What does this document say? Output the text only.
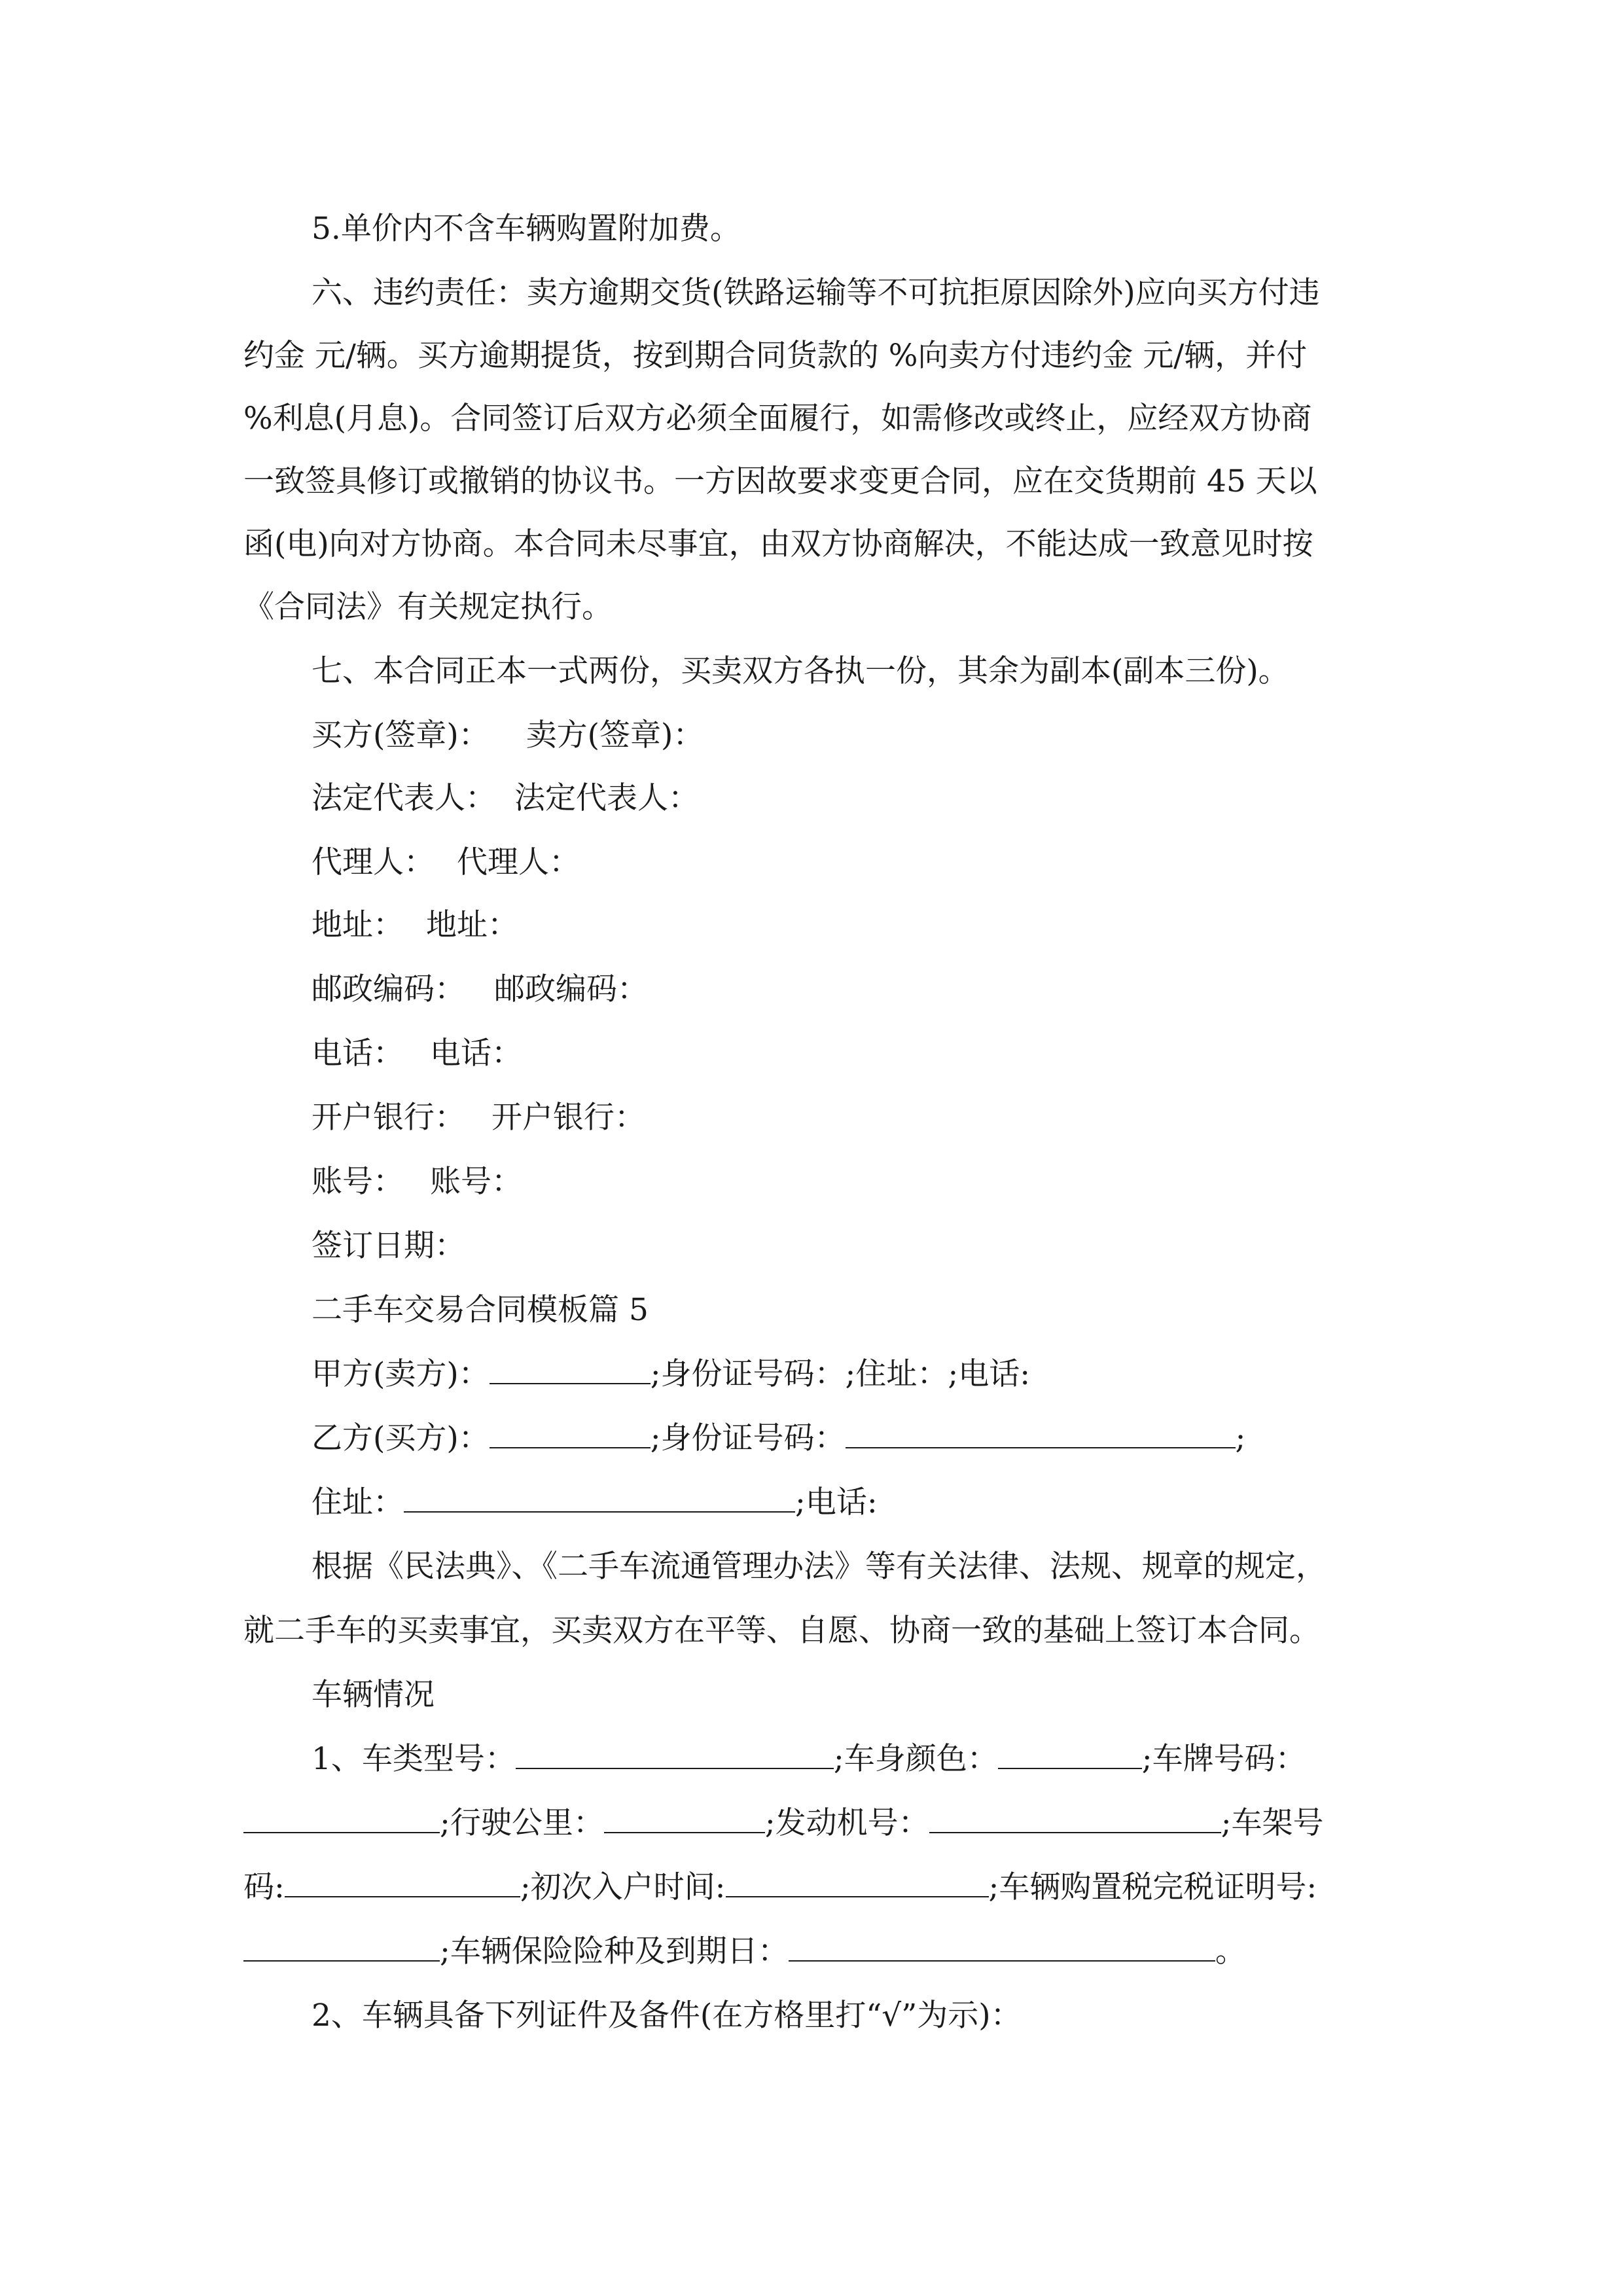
5.单价内不含车辆购置附加费。
六、违约责任：卖方逾期交货(铁路运输等不可抗拒原因除外)应向买方付违
约金 元/辆。买方逾期提货，按到期合同货款的 %向卖方付违约金 元/辆，并付
%利息(月息)。合同签订后双方必须全面履行，如需修改或终止，应经双方协商
一致签具修订或撤销的协议书。一方因故要求变更合同，应在交货期前 45 天以
函(电)向对方协商。本合同未尽事宜，由双方协商解决，不能达成一致意见时按
《合同法》有关规定执行。
七、本合同正本一式两份，买卖双方各执一份，其余为副本(副本三份)。
买方(签章)： 卖方(签章)：
法定代表人： 法定代表人：
代理人： 代理人：
地址： 地址：
邮政编码： 邮政编码：
电话： 电话：
开户银行： 开户银行：
账号： 账号：
签订日期：
二手车交易合同模板篇 5
甲方(卖方)：	;身份证号码：;住址：;电话:
乙方(买方)：	;身份证号码：	;
住址：	;电话:
根据《民法典》、《二手车流通管理办法》等有关法律、法规、规章的规定，
就二手车的买卖事宜，买卖双方在平等、自愿、协商一致的基础上签订本合同。
车辆情况
1、车类型号：	;车身颜色：	;车牌号码：
;行驶公里：	;发动机号：	;车架号
码:	;初次入户时间:	;车辆购置税完税证明号:
;车辆保险险种及到期日：	。
2、车辆具备下列证件及备件(在方格里打“√”为示)：
